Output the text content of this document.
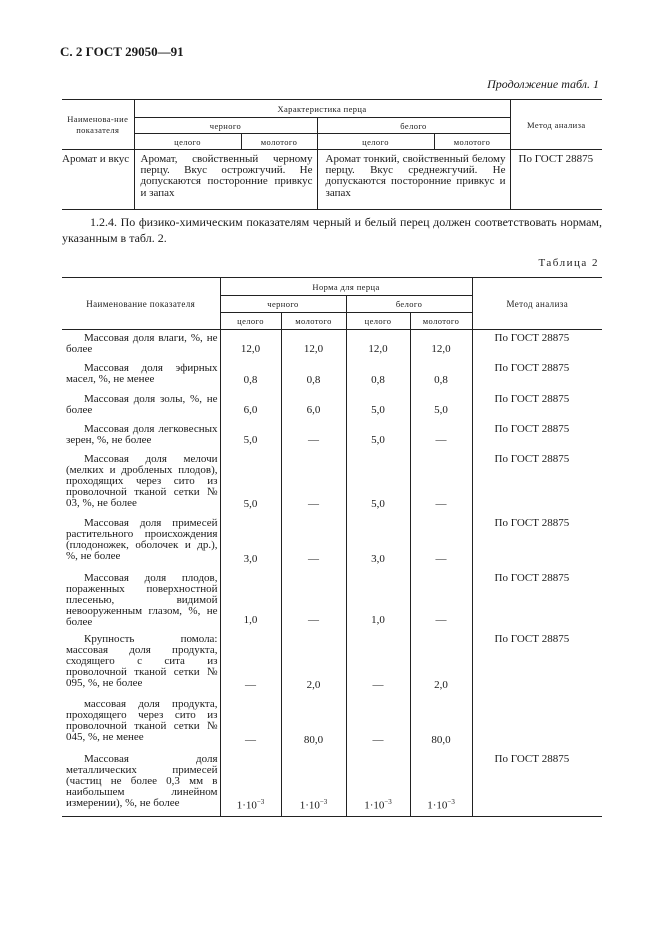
С. 2 ГОСТ 29050—91
Продолжение табл. 1
Наименова-ние показателя	Характеристика перца				Метод анализа
	черного		белого		
	целого	молотого	целого	молотого	
Аромат и вкус	Аромат, свойственный черному перцу. Вкус острожгучий. Не допускаются посторонние привкус и запах		Аромат тонкий, свойственный белому перцу. Вкус среднежгучий. Не допускаются посторонние привкус и запах		По ГОСТ 28875
1.2.4. По физико-химическим показателям черный и белый перец должен соответствовать нормам, указанным в табл. 2.
Таблица 2
Наименование показателя	Норма для перца				Метод анализа
	черного		белого		
	целого	молотого	целого	молотого	
Массовая доля влаги, %, не более	12,0	12,0	12,0	12,0	По ГОСТ 28875
Массовая доля эфирных масел, %, не менее	0,8	0,8	0,8	0,8	По ГОСТ 28875
Массовая доля золы, %, не более	6,0	6,0	5,0	5,0	По ГОСТ 28875
Массовая доля легковесных зерен, %, не более	5,0	—	5,0	—	По ГОСТ 28875
Массовая доля мелочи (мелких и дробленых плодов), проходящих через сито из проволочной тканой сетки № 03, %, не более	5,0	—	5,0	—	По ГОСТ 28875
Массовая доля примесей растительного происхождения (плодоножек, оболочек и др.), %, не более	3,0	—	3,0	—	По ГОСТ 28875
Массовая доля плодов, пораженных поверхностной плесенью, видимой невооруженным глазом, %, не более	1,0	—	1,0	—	По ГОСТ 28875
Крупность помола: массовая доля продукта, сходящего с сита из проволочной тканой сетки № 095, %, не более	—	2,0	—	2,0	По ГОСТ 28875
массовая доля продукта, проходящего через сито из проволочной тканой сетки № 045, %, не менее	—	80,0	—	80,0	
Массовая доля металлических примесей (частиц не более 0,3 мм в наибольшем линейном измерении), %, не более	$1\cdot 10^{-3}$	$1\cdot 10^{-3}$	$1\cdot 10^{-3}$	$1\cdot 10^{-3}$	По ГОСТ 28875
